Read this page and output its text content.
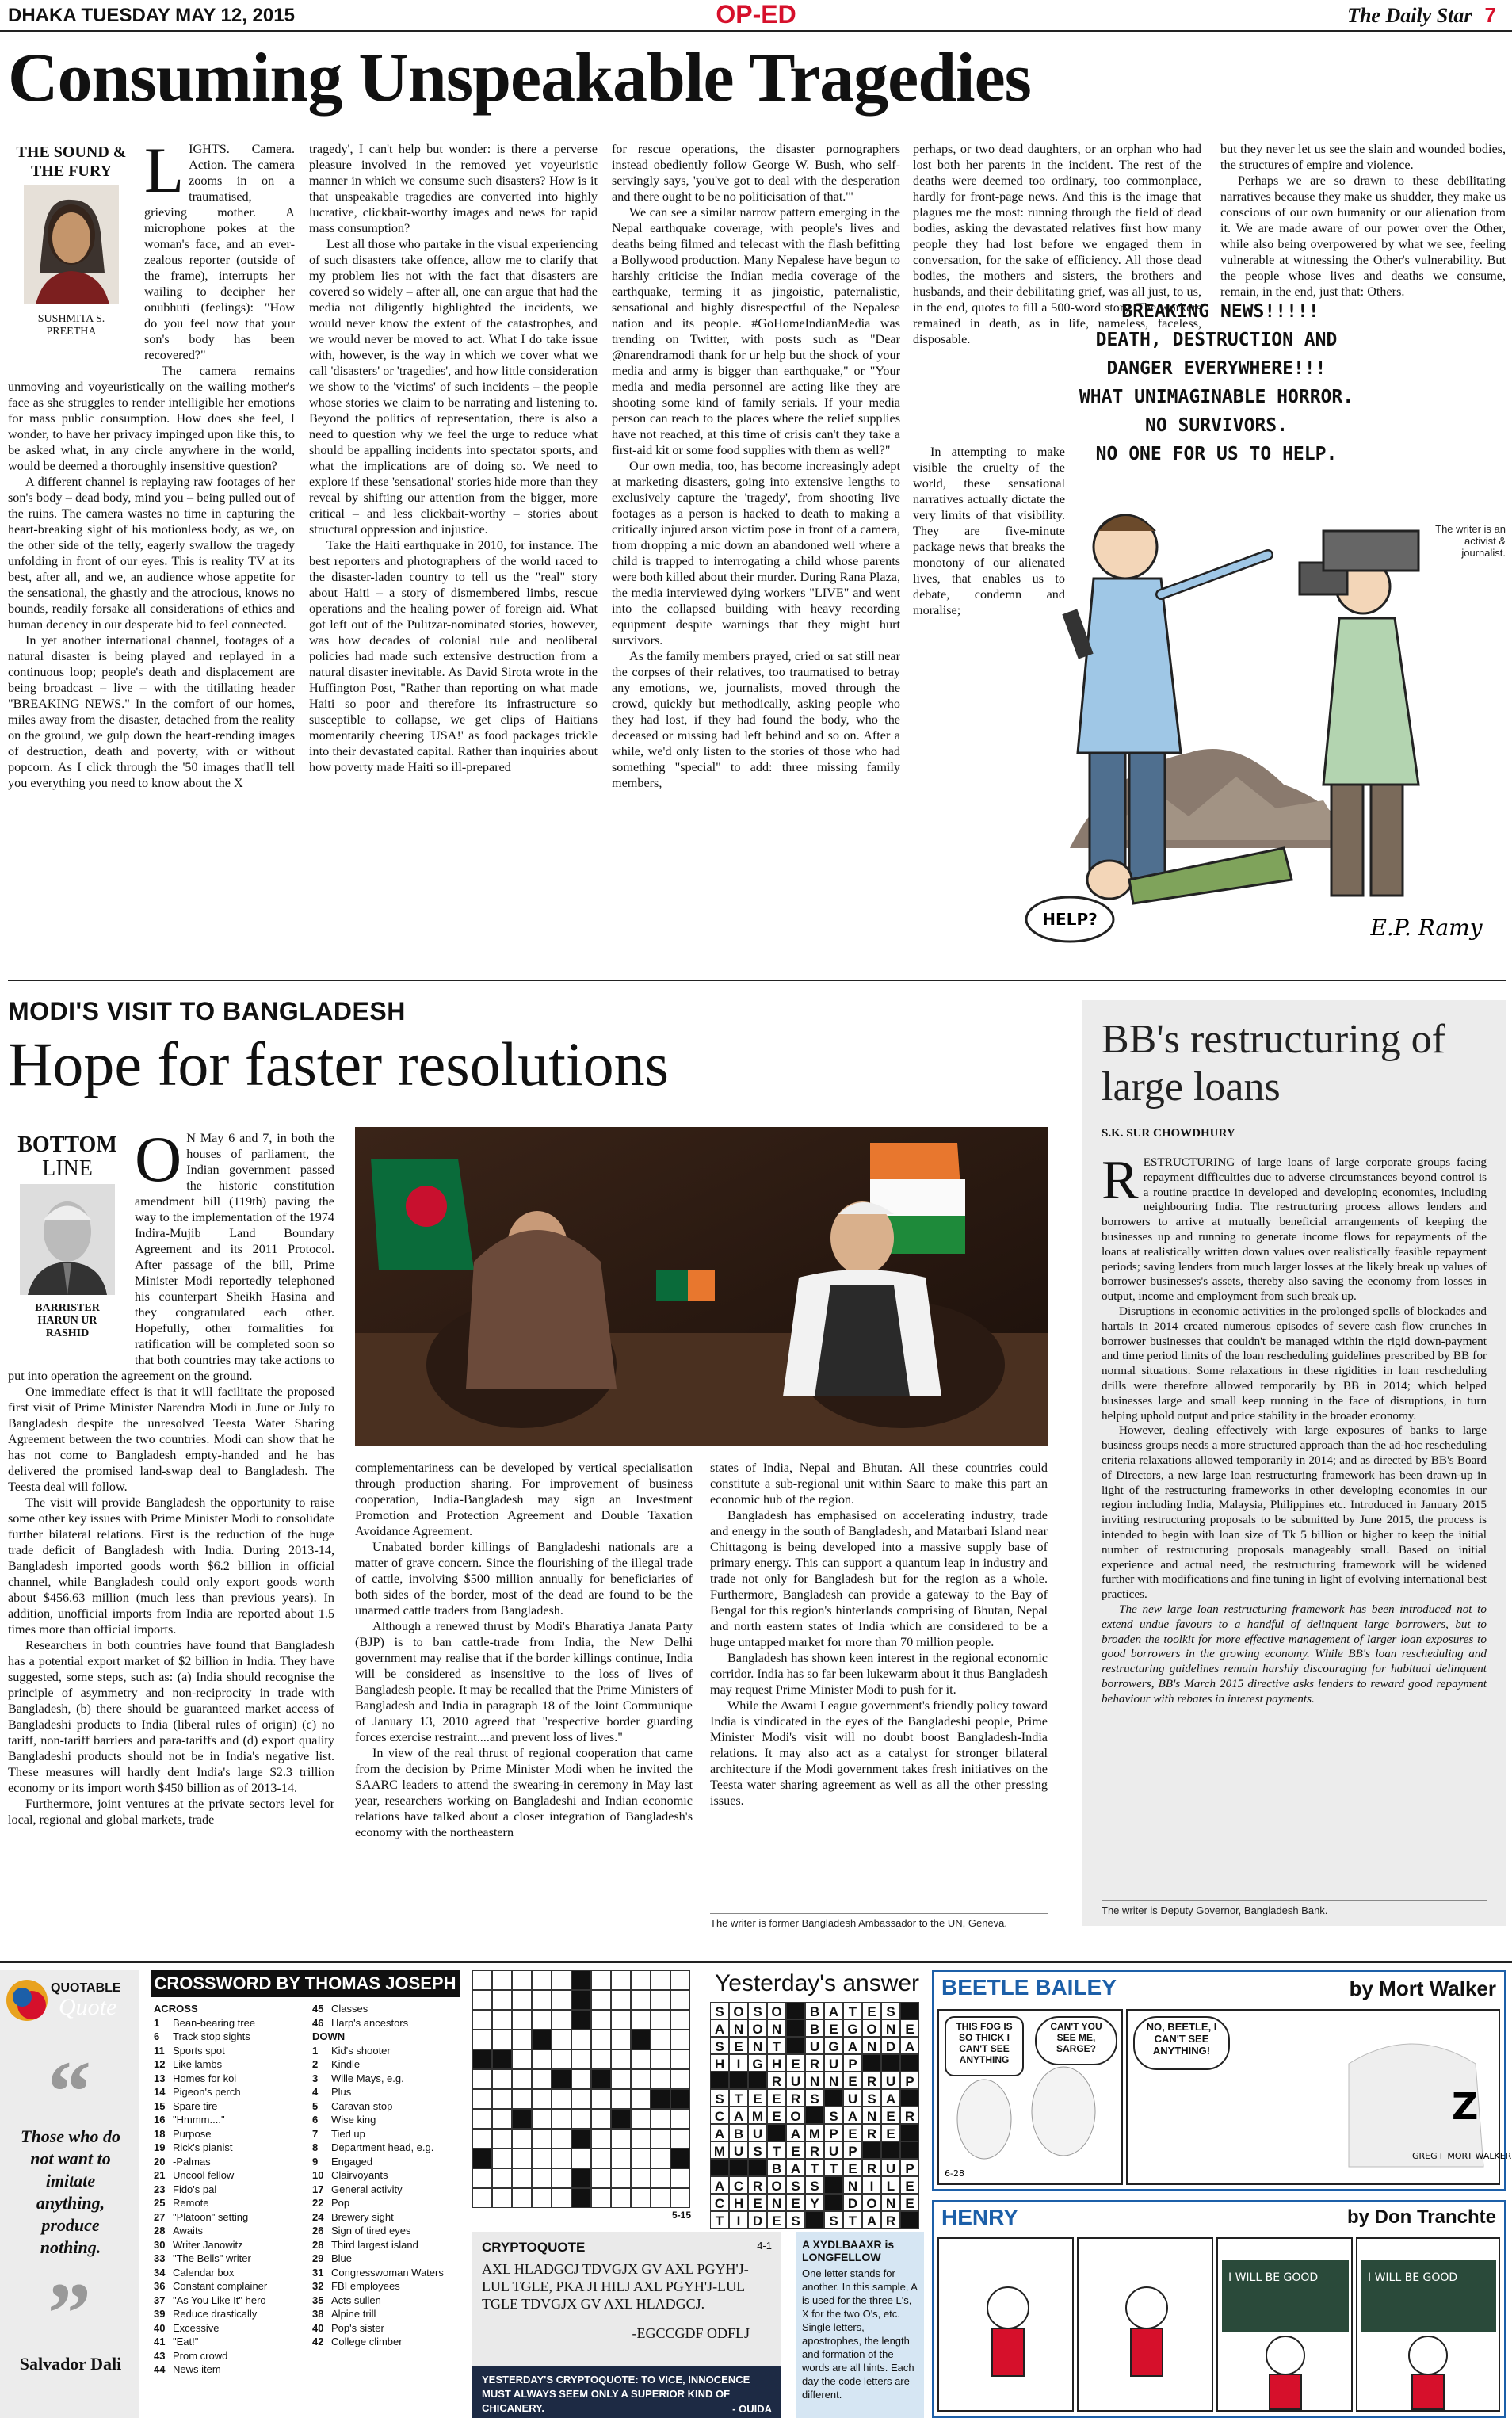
DHAKA TUESDAY MAY 12, 2015	OP-ED	The Daily Star 7
Consuming Unspeakable Tragedies
THE SOUND & THE FURY
SUSHMITA S. PREETHA
L IGHTS. Camera. Action. The camera zooms in on a traumatised, grieving mother. A microphone pokes at the woman's face, and an ever-zealous reporter (outside of the frame), interrupts her wailing to decipher her onubhuti (feelings): "How do you feel now that your son's body has been recovered?"

The camera remains unmoving and voyeuristically on the wailing mother's face as she struggles to render intelligible her emotions for mass public consumption. How does she feel, I wonder, to have her privacy impinged upon like this, to be asked what, in any circle anywhere in the world, would be deemed a thoroughly insensitive question?

A different channel is replaying raw footages of her son's body – dead body, mind you – being pulled out of the ruins. The camera wastes no time in capturing the heart-breaking sight of his motionless body, as we, on the other side of the telly, eagerly swallow the tragedy unfolding in front of our eyes. This is reality TV at its best, after all, and we, an audience whose appetite for the sensational, the ghastly and the atrocious, knows no bounds, readily forsake all considerations of ethics and human decency in our desperate bid to feel connected.

In yet another international channel, footages of a natural disaster is being played and replayed in a continuous loop; people's death and displacement are being broadcast – live – with the titillating header "BREAKING NEWS." In the comfort of our homes, miles away from the disaster, detached from the reality on the ground, we gulp down the heart-rending images of destruction, death and poverty, with or without popcorn. As I click through the '50 images that'll tell you everything you need to know about the X

tragedy', I can't help but wonder: is there a perverse pleasure involved in the removed yet voyeuristic manner in which we consume such disasters? How is it that unspeakable tragedies are converted into highly lucrative, clickbait-worthy images and news for rapid mass consumption?

Lest all those who partake in the visual experiencing of such disasters take offence, allow me to clarify that my problem lies not with the fact that disasters are covered so widely – after all, one can argue that had the media not diligently highlighted the incidents, we would never know the extent of the catastrophes, and we would never be moved to act. What I do take issue with, however, is the way in which we cover what we call 'disasters' or 'tragedies', and how little consideration we show to the 'victims' of such incidents – the people whose stories we claim to be narrating and listening to. Beyond the politics of representation, there is also a need to question why we feel the urge to reduce what should be appalling incidents into spectator sports, and what the implications are of doing so. We need to explore if these 'sensational' stories hide more than they reveal by shifting our attention from the bigger, more critical – and less clickbait-worthy – stories about structural oppression and injustice.

Take the Haiti earthquake in 2010, for instance. The best reporters and photographers of the world raced to the disaster-laden country to tell us the "real" story about Haiti – a story of dismembered limbs, rescue operations and the healing power of foreign aid. What got left out of the Pulitzar-nominated stories, however, was how decades of colonial rule and neoliberal policies had made such extensive destruction from a natural disaster inevitable. As David Sirota wrote in the Huffington Post, "Rather than reporting on what made Haiti so poor and therefore its infrastructure so susceptible to collapse, we get clips of Haitians momentarily cheering 'USA!' as food packages trickle into their devastated capital. Rather than inquiries about how poverty made Haiti so ill-prepared

for rescue operations, the disaster pornographers instead obediently follow George W. Bush, who self-servingly says, 'you've got to deal with the desperation and there ought to be no politicisation of that.'"

We can see a similar narrow pattern emerging in the Nepal earthquake coverage, with people's lives and deaths being filmed and telecast with the flash befitting a Bollywood production. Many Nepalese have begun to harshly criticise the Indian media coverage of the earthquake, terming it as jingoistic, paternalistic, sensational and highly disrespectful of the Nepalese nation and its people. #GoHomeIndianMedia was trending on Twitter, with posts such as "Dear @narendramodi thank for ur help but the shock of your media and army is bigger than earthquake," or "Your media and media personnel are acting like they are shooting some kind of family serials. If your media person can reach to the places where the relief supplies have not reached, at this time of crisis can't they take a first-aid kit or some food supplies with them as well?"

Our own media, too, has become increasingly adept at marketing disasters, going into extensive lengths to exclusively capture the 'tragedy', from shooting live footages as a person is hacked to death to making a critically injured arson victim pose in front of a camera, from dropping a mic down an abandoned well where a child is trapped to interrogating a child whose parents were both killed about their murder. During Rana Plaza, the media interviewed dying workers "LIVE" and went into the collapsed building with heavy recording equipment despite warnings that they might hurt survivors.

As the family members prayed, cried or sat still near the corpses of their relatives, too traumatised to betray any emotions, we, journalists, moved through the crowd, quickly but methodically, asking people who they had lost, if they had found the body, who the deceased or missing had left behind and so on. After a while, we'd only listen to the stories of those who had something "special" to add: three missing family members,

perhaps, or two dead daughters, or an orphan who had lost both her parents in the incident. The rest of the deaths were deemed too ordinary, too commonplace, hardly for front-page news. And this is the image that plagues me the most: running through the field of dead bodies, asking the devastated relatives first how many people they had lost before we engaged them in conversation, for the sake of efficiency. All those dead bodies, the mothers and sisters, the brothers and husbands, and their debilitating grief, was all just, to us, in the end, quotes to fill a 500-word story. The workers remained in death, as in life, nameless, faceless, disposable.

In attempting to make visible the cruelty of the world, these sensational narratives actually dictate the very limits of that visibility. They are five-minute package news that breaks the monotony of our alienated lives, that enables us to debate, condemn and moralise;

but they never let us see the slain and wounded bodies, the structures of empire and violence.

Perhaps we are so drawn to these debilitating narratives because they make us shudder, they make us conscious of our own humanity or our alienation from it. We are made aware of our power over the Other, while also being overpowered by what we see, feeling vulnerable at witnessing the Other's vulnerability. But the people whose lives and deaths we consume, remain, in the end, just that: Others.

The writer is an activist & journalist.
BREAKING NEWS!!!!!
DEATH, DESTRUCTION AND
DANGER EVERYWHERE!!!
WHAT UNIMAGINABLE HORROR.
NO SURVIVORS.
NO ONE FOR US TO HELP.
HELP?	E.P. Ramy
MODI'S VISIT TO BANGLADESH
Hope for faster resolutions
BOTTOM
LINE
BARRISTER HARUN UR RASHID
O N May 6 and 7, in both the houses of parliament, the Indian government passed the historic constitution amendment bill (119th) paving the way to the implementation of the 1974 Indira-Mujib Land Boundary Agreement and its 2011 Protocol. After passage of the bill, Prime Minister Modi reportedly telephoned his counterpart Sheikh Hasina and they congratulated each other. Hopefully, other formalities for ratification will be completed soon so that both countries may take actions to put into operation the agreement on the ground.

One immediate effect is that it will facilitate the proposed first visit of Prime Minister Narendra Modi in June or July to Bangladesh despite the unresolved Teesta Water Sharing Agreement between the two countries. Modi can show that he has not come to Bangladesh empty-handed and he has delivered the promised land-swap deal to Bangladesh. The Teesta deal will follow.

The visit will provide Bangladesh the opportunity to raise some other key issues with Prime Minister Modi to consolidate further bilateral relations. First is the reduction of the huge trade deficit of Bangladesh with India. During 2013-14, Bangladesh imported goods worth $6.2 billion in official channel, while Bangladesh could only export goods worth about $456.63 million (much less than previous years). In addition, unofficial imports from India are reported about 1.5 times more than official imports.

Researchers in both countries have found that Bangladesh has a potential export market of $2 billion in India. They have suggested, some steps, such as: (a) India should recognise the principle of asymmetry and non-reciprocity in trade with Bangladesh, (b) there should be guaranteed market access of Bangladeshi products to India (liberal rules of origin) (c) no tariff, non-tariff barriers and para-tariffs and (d) export quality Bangladeshi products should not be in India's negative list. These measures will hardly dent India's large $2.3 trillion economy or its import worth $450 billion as of 2013-14.

Furthermore, joint ventures at the private sectors level for local, regional and global markets, trade

complementariness can be developed by vertical specialisation through production sharing. For improvement of business cooperation, India-Bangladesh may sign an Investment Promotion and Protection Agreement and Double Taxation Avoidance Agreement.

Unabated border killings of Bangladeshi nationals are a matter of grave concern. Since the flourishing of the illegal trade of cattle, involving $500 million annually for beneficiaries of both sides of the border, most of the dead are found to be the unarmed cattle traders from Bangladesh.

Although a renewed thrust by Modi's Bharatiya Janata Party (BJP) is to ban cattle-trade from India, the New Delhi government may realise that if the border killings continue, India will be considered as insensitive to the loss of lives of Bangladesh people. It may be recalled that the Prime Ministers of Bangladesh and India in paragraph 18 of the Joint Communique of January 13, 2010 agreed that "respective border guarding forces exercise restraint....and prevent loss of lives."

In view of the real thrust of regional cooperation that came from the decision by Prime Minister Modi when he invited the SAARC leaders to attend the swearing-in ceremony in May last year, researchers working on Bangladeshi and Indian economic relations have talked about a closer integration of Bangladesh's economy with the northeastern

states of India, Nepal and Bhutan. All these countries could constitute a sub-regional unit within Saarc to make this part an economic hub of the region.

Bangladesh has emphasised on accelerating industry, trade and energy in the south of Bangladesh, and Matarbari Island near Chittagong is being developed into a massive supply base of primary energy. This can support a quantum leap in industry and trade not only for Bangladesh but for the region as a whole. Furthermore, Bangladesh can provide a gateway to the Bay of Bengal for this region's hinterlands comprising of Bhutan, Nepal and north eastern states of India which are considered to be a huge untapped market for more than 70 million people.

Bangladesh has shown keen interest in the regional economic corridor. India has so far been lukewarm about it thus Bangladesh may request Prime Minister Modi to push for it.

While the Awami League government's friendly policy toward India is vindicated in the eyes of the Bangladeshi people, Prime Minister Modi's visit will no doubt boost Bangladesh-India relations. It may also act as a catalyst for stronger bilateral architecture if the Modi government takes fresh initiatives on the Teesta water sharing agreement as well as all the other pressing issues.

The writer is former Bangladesh Ambassador to the UN, Geneva.
BB's restructuring of large loans
S.K. SUR CHOWDHURY
R ESTRUCTURING of large loans of large corporate groups facing repayment difficulties due to adverse circumstances beyond control is a routine practice in developed and developing economies, including neighbouring India. The restructuring process allows lenders and borrowers to arrive at mutually beneficial arrangements of keeping the businesses up and running to generate income flows for repayments of the loans at realistically written down values over realistically feasible repayment periods; saving lenders from much larger losses at the likely break up values of borrower businesses's assets, thereby also saving the economy from losses in output, income and employment from such break up.

Disruptions in economic activities in the prolonged spells of blockades and hartals in 2014 created numerous episodes of severe cash flow crunches in borrower businesses that couldn't be managed within the rigid down-payment and time period limits of the loan rescheduling guidelines prescribed by BB for normal situations. Some relaxations in these rigidities in loan rescheduling drills were therefore allowed temporarily by BB in 2014; which helped businesses large and small keep running in the face of disruptions, in turn helping uphold output and price stability in the broader economy.

However, dealing effectively with large exposures of banks to large business groups needs a more structured approach than the ad-hoc rescheduling criteria relaxations allowed temporarily in 2014; and as directed by BB's Board of Directors, a new large loan restructuring framework has been drawn-up in light of the restructuring frameworks in other developing economies in our region including India, Malaysia, Philippines etc. Introduced in January 2015 inviting restructuring proposals to be submitted by June 2015, the process is intended to begin with loan size of Tk 5 billion or higher to keep the initial number of restructuring proposals manageably small. Based on initial experience and actual need, the restructuring framework will be widened further with modifications and fine tuning in light of evolving international best practices.

The new large loan restructuring framework has been introduced not to extend undue favours to a handful of delinquent large borrowers, but to broaden the toolkit for more effective management of larger loan exposures to good borrowers in the growing economy. While BB's loan rescheduling and restructuring guidelines remain harshly discouraging for habitual delinquent borrowers, BB's March 2015 directive asks lenders to reward good repayment behaviour with rebates in interest payments.

The writer is Deputy Governor, Bangladesh Bank.
QUOTABLE
Quote
“
Those who do not want to imitate anything, produce nothing.
”
Salvador Dali
CROSSWORD BY THOMAS JOSEPH
ACROSS
1 Bean-bearing tree
6 Track stop sights
11 Sports spot
12 Like lambs
13 Homes for koi
14 Pigeon's perch
15 Spare tire
16 "Hmmm...."
18 Purpose
19 Rick's pianist
20 -Palmas
21 Uncool fellow
23 Fido's pal
25 Remote
27 "Platoon" setting
28 Awaits
30 Writer Janowitz
33 "The Bells" writer
34 Calendar box
36 Constant complainer
37 "As You Like It" hero
39 Reduce drastically
40 Excessive
41 "Eat!"
43 Prom crowd
44 News item
45 Classes
46 Harp's ancestors
DOWN
1 Kid's shooter
2 Kindle
3 Wille Mays, e.g.
4 Plus
5 Caravan stop
6 Wise king
7 Tied up
8 Department head, e.g.
9 Engaged
10 Clairvoyants
17 General activity
22 Pop
24 Brewery sight
26 Sign of tired eyes
28 Third largest island
29 Blue
31 Congresswoman Waters
32 FBI employees
35 Acts sullen
38 Alpine trill
40 Pop's sister
42 College climber
5-15
Yesterday's answer
S O S O	B A T E S
A N O N	B E G O N E
S E N T	U G A N D A
H I G H E R U P
R U N N E R U P
S T E E R S	U S A
C A M E O	S A N E R
A B U	A M P E R E
M U S T E R U P
B A T T E R U P
A C R O S S	N I L E
C H E N E Y	D O N E
T I D E S	S T A R
CRYPTOQUOTE	4-1
AXL HLADGCJ TDVGJX GV AXL PGYH'J-LUL TGLE, PKA JI HILJ AXL PGYH'J-LUL TGLE TDVGJX GV AXL HLADGCJ.
-EGCCGDF ODFLJ
YESTERDAY'S CRYPTOQUOTE: TO VICE, INNOCENCE MUST ALWAYS SEEM ONLY A SUPERIOR KIND OF CHICANERY.	- OUIDA
A XYDLBAAXR is LONGFELLOW
One letter stands for another. In this sample, A is used for the three L's, X for the two O's, etc. Single letters, apostrophes, the length and formation of the words are all hints. Each day the code letters are different.
BEETLE BAILEY	by Mort Walker
Z
GREG+ MORT WALKER
6-28
THIS FOG IS SO THICK I CAN'T SEE ANYTHING
CAN'T YOU SEE ME, SARGE?
NO, BEETLE, I CAN'T SEE ANYTHING!
HENRY	by Don Tranchte
I WILL BE GOOD	I WILL BE GOOD
